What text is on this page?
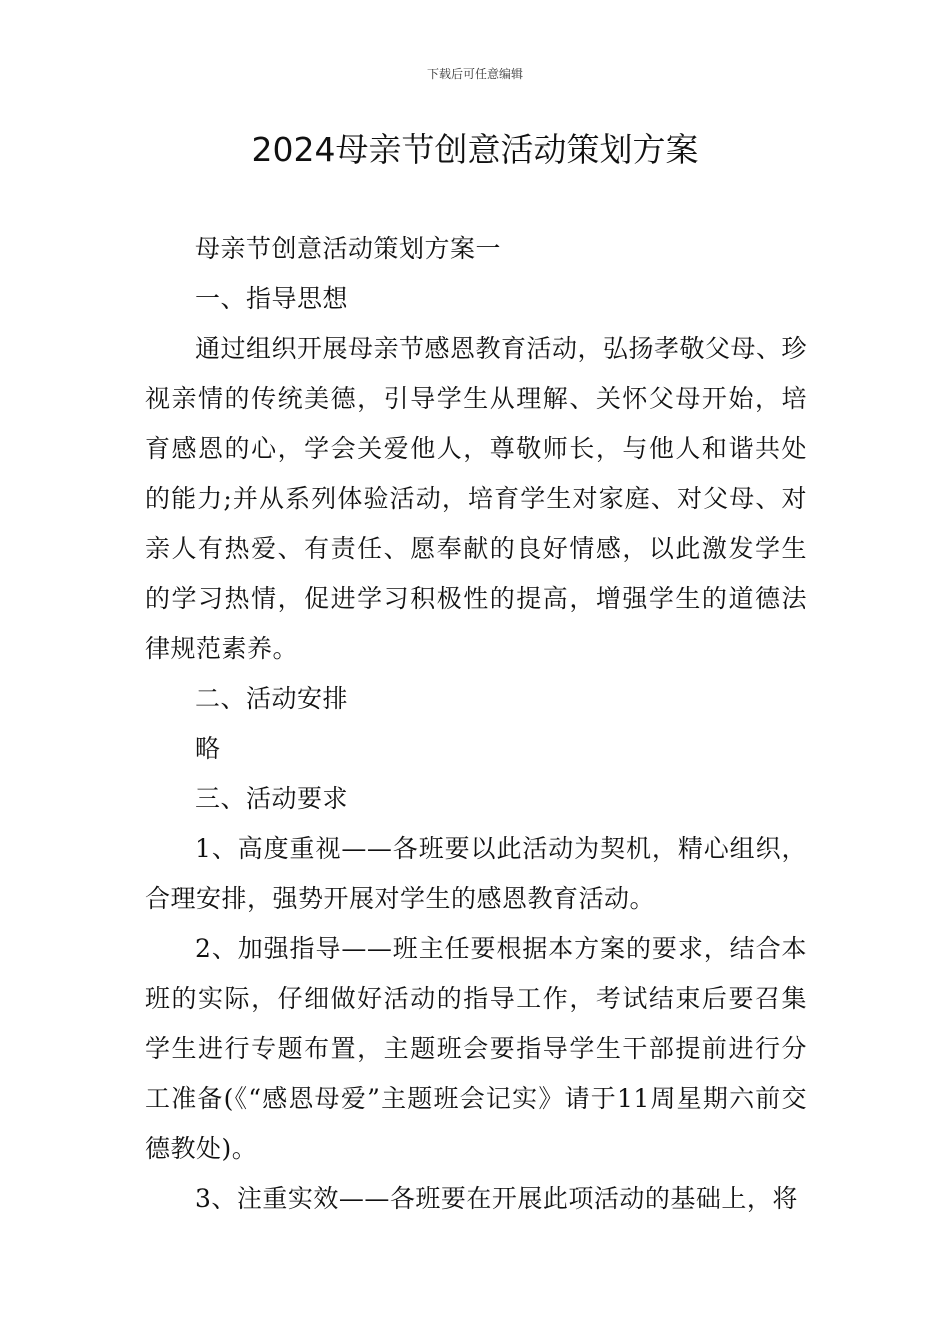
下载后可任意编辑
2024母亲节创意活动策划方案

母亲节创意活动策划方案一

一、指导思想

通过组织开展母亲节感恩教育活动，弘扬孝敬父母、珍视亲情的传统美德，引导学生从理解、关怀父母开始，培育感恩的心，学会关爱他人，尊敬师长，与他人和谐共处的能力;并从系列体验活动，培育学生对家庭、对父母、对亲人有热爱、有责任、愿奉献的良好情感，以此激发学生的学习热情，促进学习积极性的提高，增强学生的道德法律规范素养。

二、活动安排

略

三、活动要求

1、高度重视——各班要以此活动为契机，精心组织，合理安排，强势开展对学生的感恩教育活动。

2、加强指导——班主任要根据本方案的要求，结合本班的实际，仔细做好活动的指导工作，考试结束后要召集学生进行专题布置，主题班会要指导学生干部提前进行分工准备(《“感恩母爱”主题班会记实》请于11周星期六前交德教处)。

3、注重实效——各班要在开展此项活动的基础上，将
